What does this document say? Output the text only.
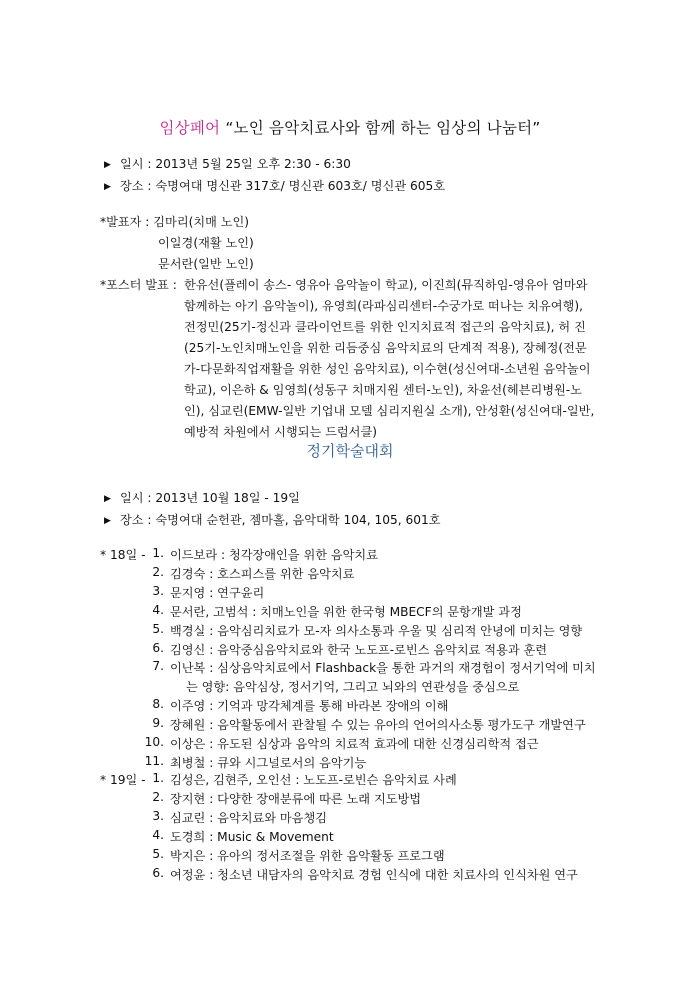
임상페어 “노인 음악치료사와 함께 하는 임상의 나눔터”
▶ 일시 : 2013년 5월 25일 오후 2:30 - 6:30
▶ 장소 : 숙명여대 명신관 317호/ 명신관 603호/ 명신관 605호
*발표자 : 김마리(치매 노인)
이일경(재활 노인)
문서란(일반 노인)
*포스터 발표 : 한유선(플레이 송스- 영유아 음악놀이 학교), 이진희(뮤직하임-영유아 엄마와
함께하는 아기 음악놀이), 유영희(라파심리센터-수궁가로 떠나는 치유여행),
전정민(25기-정신과 클라이언트를 위한 인지치료적 접근의 음악치료), 허 진
(25기-노인치매노인을 위한 리듬중심 음악치료의 단계적 적용), 장혜정(전문
가-다문화직업재활을 위한 성인 음악치료), 이수현(성신여대-소년원 음악놀이
학교), 이은하 & 임영희(성동구 치매지원 센터-노인), 차윤선(헤븐리병원-노
인), 심교린(EMW-일반 기업내 모델 심리지원실 소개), 안성환(성신여대-일반,
예방적 차원에서 시행되는 드럼서클)
정기학술대회
▶ 일시 : 2013년 10월 18일 - 19일
▶ 장소 : 숙명여대 순헌관, 젬마홀, 음악대학 104, 105, 601호
* 18일 - 1. 이드보라 : 청각장애인을 위한 음악치료
2. 김경숙 : 호스피스를 위한 음악치료
3. 문지영 : 연구윤리
4. 문서란, 고범석 : 치매노인을 위한 한국형 MBECF의 문항개발 과정
5. 백경실 : 음악심리치료가 모-자 의사소통과 우울 및 심리적 안녕에 미치는 영향
6. 김영신 : 음악중심음악치료와 한국 노도프-로빈스 음악치료 적용과 훈련
7. 이난복 : 심상음악치료에서 Flashback을 통한 과거의 재경험이 정서기억에 미치
는 영향: 음악심상, 정서기억, 그리고 뇌와의 연관성을 중심으로
8. 이주영 : 기억과 망각체계를 통해 바라본 장애의 이해
9. 장혜원 : 음악활동에서 관찰될 수 있는 유아의 언어의사소통 평가도구 개발연구
10. 이상은 : 유도된 심상과 음악의 치료적 효과에 대한 신경심리학적 접근
11. 최병철 : 큐와 시그널로서의 음악기능
* 19일 - 1. 김성은, 김현주, 오인선 : 노도프-로빈슨 음악치료 사례
2. 장지현 : 다양한 장애분류에 따른 노래 지도방법
3. 심교린 : 음악치료와 마음챙김
4. 도경희 : Music & Movement
5. 박지은 : 유아의 정서조절을 위한 음악활동 프로그램
6. 여정윤 : 청소년 내담자의 음악치료 경험 인식에 대한 치료사의 인식차원 연구
